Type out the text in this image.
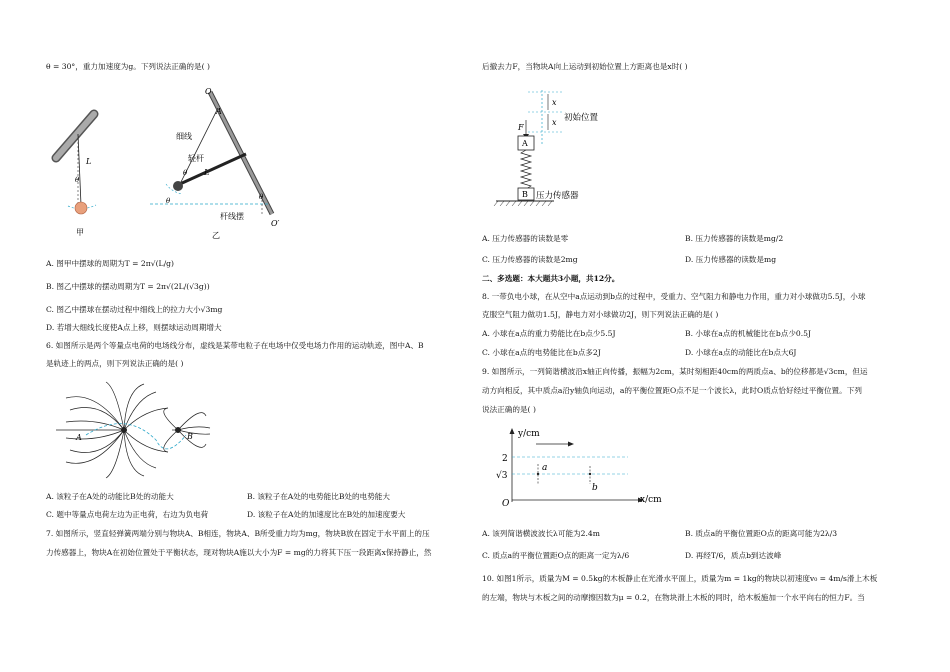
θ = 30°，重力加速度为g。下列说法正确的是( )
L
θ
甲
O
A
细线
轻杆
L
θ
θ	θ
杆线摆
O′
乙
A. 图甲中摆球的周期为T = 2π√(L/g)
B. 图乙中摆球的摆动周期为T = 2π√(2L/(√3g))
C. 图乙中摆球在摆动过程中细线上的拉力大小√3mg
D. 若增大细线长度使A点上移，则摆球运动周期增大
6. 如图所示是两个等量点电荷的电场线分布，虚线是某带电粒子在电场中仅受电场力作用的运动轨迹，图中A、B
是轨迹上的两点，则下列说法正确的是( )
A	B
A. 该粒子在A处的动能比B处的动能大	B. 该粒子在A处的电势能比B处的电势能大
C. 题中等量点电荷左边为正电荷，右边为负电荷	D. 该粒子在A处的加速度比在B处的加速度要大
7. 如图所示，竖直轻弹簧两端分别与物块A、B相连，物块A、B所受重力均为mg，物块B放在固定于水平面上的压
力传感器上，物块A在初始位置处于平衡状态，现对物块A施以大小为F = mg的力将其下压一段距离x保持静止，然
后撤去力F，当物块A向上运动到初始位置上方距离也是x时( )
x
x 初始位置
F
A
B 压力传感器
A. 压力传感器的读数是零	B. 压力传感器的读数是mg/2
C. 压力传感器的读数是2mg	D. 压力传感器的读数是mg
二、多选题：本大题共3小题，共12分。
8. 一带负电小球，在从空中a点运动到b点的过程中，受重力、空气阻力和静电力作用，重力对小球做功5.5J，小球
克服空气阻力做功1.5J，静电力对小球做功2J，则下列说法正确的是( )
A. 小球在a点的重力势能比在b点少5.5J	B. 小球在a点的机械能比在b点少0.5J
C. 小球在a点的电势能比在b点多2J	D. 小球在a点的动能比在b点大6J
9. 如图所示，一列简谐横波沿x轴正向传播，振幅为2cm，某时刻相距40cm的两质点a、b的位移都是√3cm，但运
动方向相反，其中质点a沿y轴负向运动，a的平衡位置距O点不足一个波长λ，此时O质点恰好经过平衡位置。下列
说法正确的是( )
y/cm
x/cm
2
√3
O
a
b
A. 该列简谐横波波长λ可能为2.4m	B. 质点a的平衡位置距O点的距离可能为2λ/3
C. 质点a的平衡位置距O点的距离一定为λ/6	D. 再经T/6，质点b到达波峰
10. 如图1所示，质量为M = 0.5kg的木板静止在光滑水平面上，质量为m = 1kg的物块以初速度v₀ = 4m/s滑上木板
的左端，物块与木板之间的动摩擦因数为μ = 0.2，在物块滑上木板的同时，给木板施加一个水平向右的恒力F。当
